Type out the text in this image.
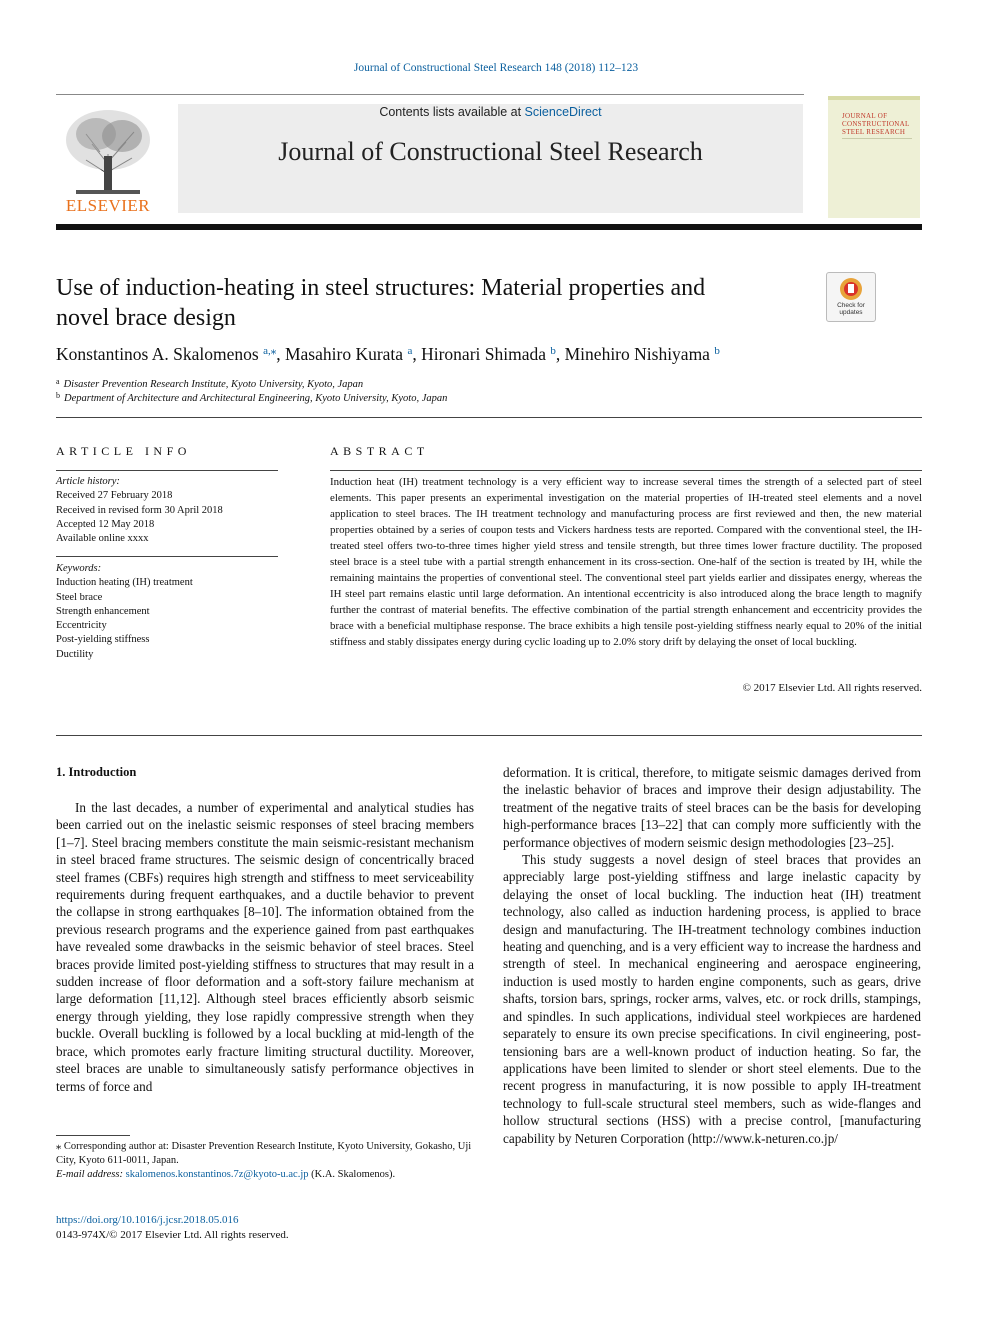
Journal of Constructional Steel Research 148 (2018) 112–123
ELSEVIER
Contents lists available at ScienceDirect
Journal of Constructional Steel Research
JOURNAL OF CONSTRUCTIONAL STEEL RESEARCH
Use of induction-heating in steel structures: Material properties and
novel brace design	Check for
updates
Konstantinos A. Skalomenos $^{a,⁎}$, Masahiro Kurata $^a$, Hironari Shimada $^b$, Minehiro Nishiyama $^b$
$^a$ Disaster Prevention Research Institute, Kyoto University, Kyoto, Japan
$^b$ Department of Architecture and Architectural Engineering, Kyoto University, Kyoto, Japan
ARTICLE INFO
Article history:
Received 27 February 2018
Received in revised form 30 April 2018
Accepted 12 May 2018
Available online xxxx
Keywords:
Induction heating (IH) treatment
Steel brace
Strength enhancement
Eccentricity
Post-yielding stiffness
Ductility
ABSTRACT
Induction heat (IH) treatment technology is a very efficient way to increase several times the strength of a selected part of steel elements. This paper presents an experimental investigation on the material properties of IH-treated steel elements and a novel application to steel braces. The IH treatment technology and manufacturing process are first reviewed and then, the new material properties obtained by a series of coupon tests and Vickers hardness tests are reported. Compared with the conventional steel, the IH-treated steel offers two-to-three times higher yield stress and tensile strength, but three times lower fracture ductility. The proposed steel brace is a steel tube with a partial strength enhancement in its cross-section. One-half of the section is treated by IH, while the remaining maintains the properties of conventional steel. The conventional steel part yields earlier and dissipates energy, whereas the IH steel part remains elastic until large deformation. An intentional eccentricity is also introduced along the brace length to magnify further the contrast of material benefits. The effective combination of the partial strength enhancement and eccentricity provides the brace with a beneficial multiphase response. The brace exhibits a high tensile post-yielding stiffness nearly equal to 20% of the initial stiffness and stably dissipates energy during cyclic loading up to 2.0% story drift by delaying the onset of local buckling.
© 2017 Elsevier Ltd. All rights reserved.
1. Introduction

In the last decades, a number of experimental and analytical studies has been carried out on the inelastic seismic responses of steel bracing members [1–7]. Steel bracing members constitute the main seismic-resistant mechanism in steel braced frame structures. The seismic design of concentrically braced steel frames (CBFs) requires high strength and stiffness to meet serviceability requirements during frequent earthquakes, and a ductile behavior to prevent the collapse in strong earthquakes [8–10]. The information obtained from the previous research programs and the experience gained from past earthquakes have revealed some drawbacks in the seismic behavior of steel braces. Steel braces provide limited post-yielding stiffness to structures that may result in a sudden increase of floor deformation and a soft-story failure mechanism at large deformation [11,12]. Although steel braces efficiently absorb seismic energy through yielding, they lose rapidly compressive strength when they buckle. Overall buckling is followed by a local buckling at mid-length of the brace, which promotes early fracture limiting structural ductility. Moreover, steel braces are unable to simultaneously satisfy performance objectives in terms of force and

deformation. It is critical, therefore, to mitigate seismic damages derived from the inelastic behavior of braces and improve their design adjustability. The treatment of the negative traits of steel braces can be the basis for developing high-performance braces [13–22] that can comply more sufficiently with the performance objectives of modern seismic design methodologies [23–25].

This study suggests a novel design of steel braces that provides an appreciably large post-yielding stiffness and large inelastic capacity by delaying the onset of local buckling. The induction heat (IH) treatment technology, also called as induction hardening process, is applied to brace design and manufacturing. The IH-treatment technology combines induction heating and quenching, and is a very efficient way to increase the hardness and strength of steel. In mechanical engineering and aerospace engineering, induction is used mostly to harden engine components, such as gears, drive shafts, torsion bars, springs, rocker arms, valves, etc. or rock drills, stampings, and spindles. In such applications, individual steel workpieces are hardened separately to ensure its own precise specifications. In civil engineering, post-tensioning bars are a well-known product of induction heating. So far, the applications have been limited to slender or short steel elements. Due to the recent progress in manufacturing, it is now possible to apply IH-treatment technology to full-scale structural steel members, such as wide-flanges and hollow structural sections (HSS) with a precise control, [manufacturing capability by Neturen Corporation (http://www.k-neturen.co.jp/

⁎ Corresponding author at: Disaster Prevention Research Institute, Kyoto University, Gokasho, Uji City, Kyoto 611-0011, Japan.
E-mail address: skalomenos.konstantinos.7z@kyoto-u.ac.jp (K.A. Skalomenos).
https://doi.org/10.1016/j.jcsr.2018.05.016
0143-974X/© 2017 Elsevier Ltd. All rights reserved.
